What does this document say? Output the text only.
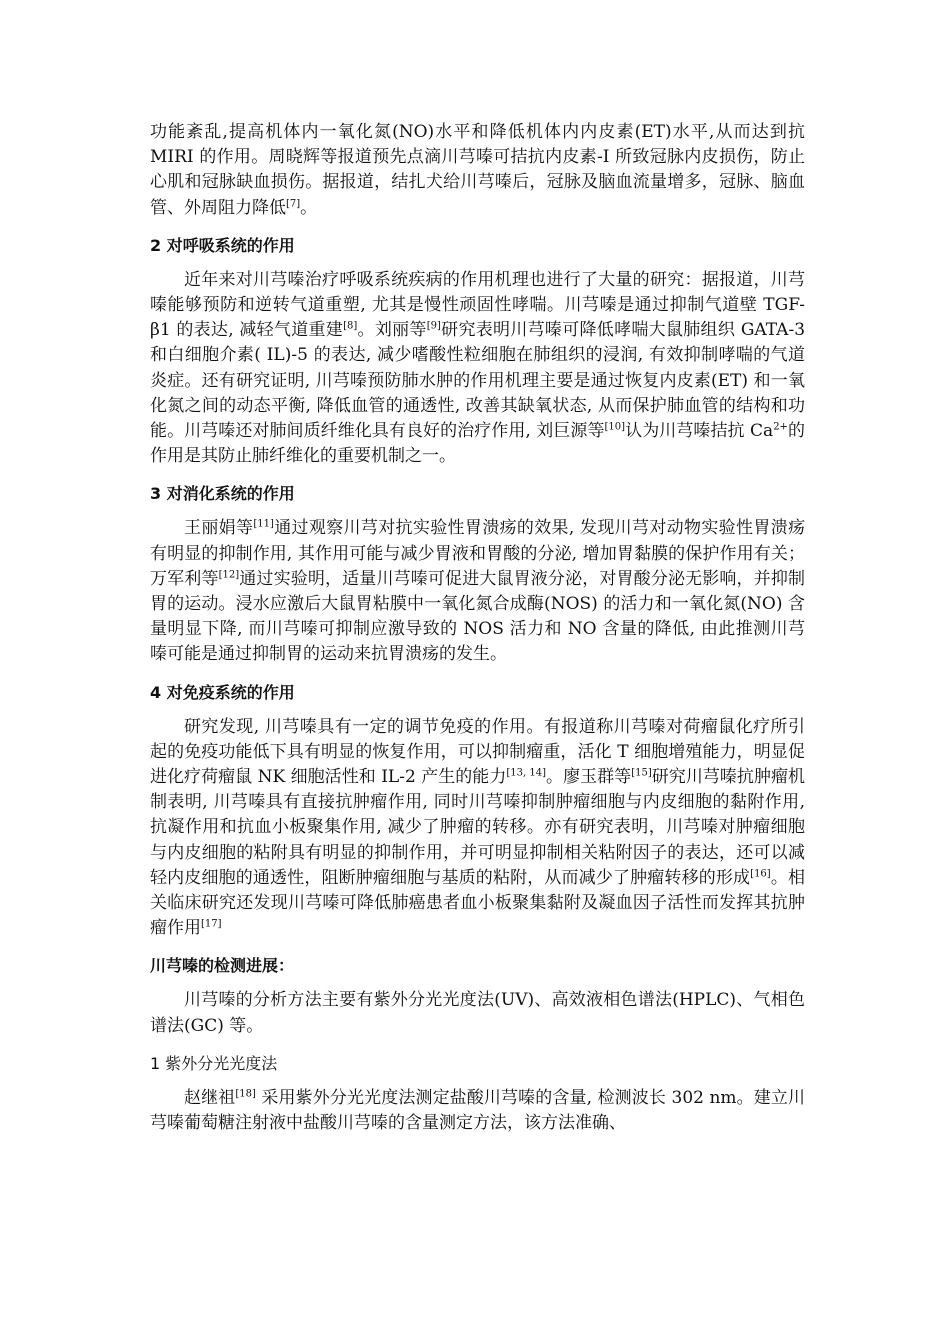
功能紊乱,提高机体内一氧化氮(NO)水平和降低机体内内皮素(ET)水平,从而达到抗 MIRI 的作用。周晓辉等报道预先点滴川芎嗪可拮抗内皮素-I 所致冠脉内皮损伤，防止心肌和冠脉缺血损伤。据报道，结扎犬给川芎嗪后，冠脉及脑血流量增多，冠脉、脑血管、外周阻力降低[7]。

2 对呼吸系统的作用

近年来对川芎嗪治疗呼吸系统疾病的作用机理也进行了大量的研究：据报道，川芎嗪能够预防和逆转气道重塑, 尤其是慢性顽固性哮喘。川芎嗪是通过抑制气道壁 TGF-β1 的表达, 减轻气道重建[8]。刘丽等[9]研究表明川芎嗪可降低哮喘大鼠肺组织 GATA-3 和白细胞介素( IL)-5 的表达, 减少嗜酸性粒细胞在肺组织的浸润, 有效抑制哮喘的气道炎症。还有研究证明, 川芎嗪预防肺水肿的作用机理主要是通过恢复内皮素(ET) 和一氧化氮之间的动态平衡, 降低血管的通透性, 改善其缺氧状态, 从而保护肺血管的结构和功能。川芎嗪还对肺间质纤维化具有良好的治疗作用, 刘巨源等[10]认为川芎嗪拮抗 $Ca^{2+}$的作用是其防止肺纤维化的重要机制之一。

3 对消化系统的作用

王丽娟等[11]通过观察川芎对抗实验性胃溃疡的效果, 发现川芎对动物实验性胃溃疡有明显的抑制作用, 其作用可能与减少胃液和胃酸的分泌, 增加胃黏膜的保护作用有关；万军利等[12]通过实验明，适量川芎嗪可促进大鼠胃液分泌，对胃酸分泌无影响，并抑制胃的运动。浸水应激后大鼠胃粘膜中一氧化氮合成酶(NOS) 的活力和一氧化氮(NO) 含量明显下降, 而川芎嗪可抑制应激导致的 NOS 活力和 NO 含量的降低, 由此推测川芎嗪可能是通过抑制胃的运动来抗胃溃疡的发生。

4 对免疫系统的作用

研究发现, 川芎嗪具有一定的调节免疫的作用。有报道称川芎嗪对荷瘤鼠化疗所引起的免疫功能低下具有明显的恢复作用，可以抑制瘤重，活化 T 细胞增殖能力，明显促进化疗荷瘤鼠 NK 细胞活性和 IL-2 产生的能力[13, 14]。廖玉群等[15]研究川芎嗪抗肿瘤机制表明, 川芎嗪具有直接抗肿瘤作用, 同时川芎嗪抑制肿瘤细胞与内皮细胞的黏附作用, 抗凝作用和抗血小板聚集作用, 减少了肿瘤的转移。亦有研究表明，川芎嗪对肿瘤细胞与内皮细胞的粘附具有明显的抑制作用，并可明显抑制相关粘附因子的表达，还可以减轻内皮细胞的通透性，阻断肿瘤细胞与基质的粘附，从而减少了肿瘤转移的形成[16]。相关临床研究还发现川芎嗪可降低肺癌患者血小板聚集黏附及凝血因子活性而发挥其抗肿瘤作用[17]

川芎嗪的检测进展：

川芎嗪的分析方法主要有紫外分光光度法(UV)、高效液相色谱法(HPLC)、气相色谱法(GC) 等。

1 紫外分光光度法

赵继祖[18] 采用紫外分光光度法测定盐酸川芎嗪的含量, 检测波长 302 nm。建立川芎嗪葡萄糖注射液中盐酸川芎嗪的含量测定方法，该方法准确、
